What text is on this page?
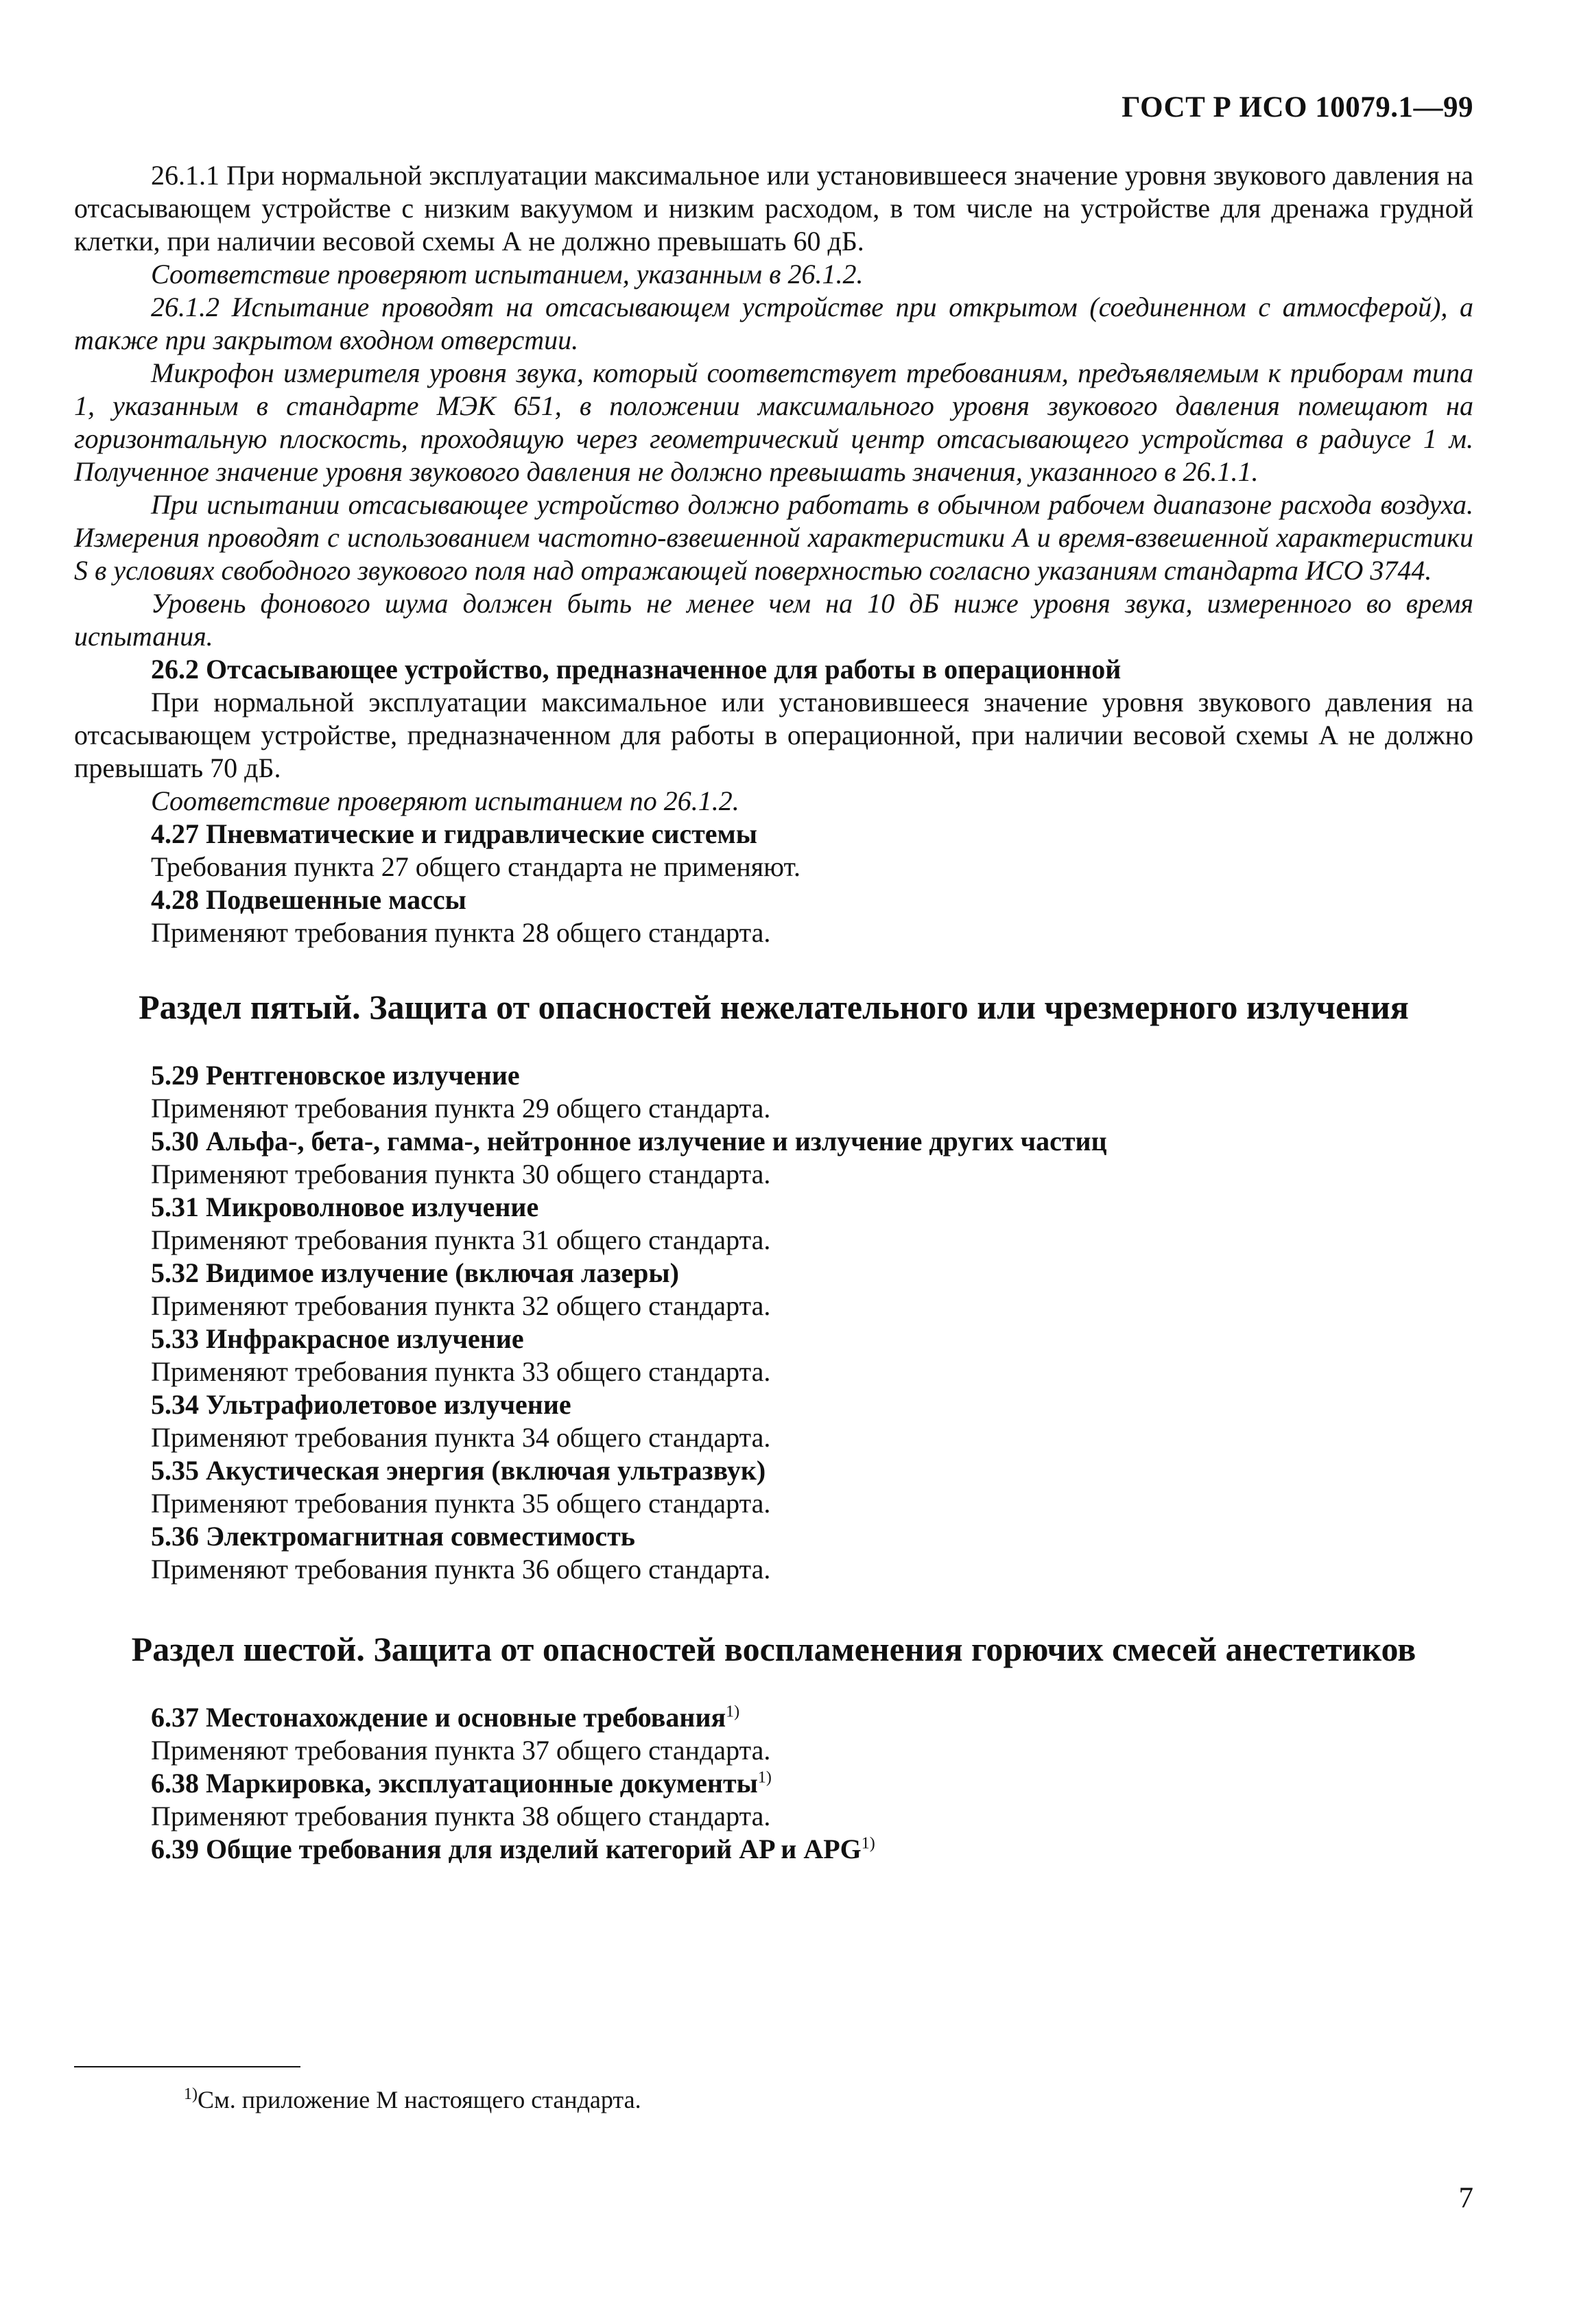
ГОСТ Р ИСО 10079.1—99

26.1.1 При нормальной эксплуатации максимальное или установившееся значение уровня звукового давления на отсасывающем устройстве с низким вакуумом и низким расходом, в том числе на устройстве для дренажа грудной клетки, при наличии весовой схемы А не должно превышать 60 дБ.

Соответствие проверяют испытанием, указанным в 26.1.2.

26.1.2 Испытание проводят на отсасывающем устройстве при открытом (соединенном с атмосферой), а также при закрытом входном отверстии.

Микрофон измерителя уровня звука, который соответствует требованиям, предъявляемым к приборам типа 1, указанным в стандарте МЭК 651, в положении максимального уровня звукового давления помещают на горизонтальную плоскость, проходящую через геометрический центр отсасывающего устройства в радиусе 1 м. Полученное значение уровня звукового давления не должно превышать значения, указанного в 26.1.1.

При испытании отсасывающее устройство должно работать в обычном рабочем диапазоне расхода воздуха. Измерения проводят с использованием частотно-взвешенной характеристики А и время-взвешенной характеристики S в условиях свободного звукового поля над отражающей поверхностью согласно указаниям стандарта ИСО 3744.

Уровень фонового шума должен быть не менее чем на 10 дБ ниже уровня звука, измеренного во время испытания.

26.2 Отсасывающее устройство, предназначенное для работы в операционной

При нормальной эксплуатации максимальное или установившееся значение уровня звукового давления на отсасывающем устройстве, предназначенном для работы в операционной, при наличии весовой схемы А не должно превышать 70 дБ.

Соответствие проверяют испытанием по 26.1.2.

4.27 Пневматические и гидравлические системы

Требования пункта 27 общего стандарта не применяют.

4.28 Подвешенные массы

Применяют требования пункта 28 общего стандарта.

Раздел пятый. Защита от опасностей нежелательного или чрезмерного излучения

5.29 Рентгеновское излучение

Применяют требования пункта 29 общего стандарта.

5.30 Альфа-, бета-, гамма-, нейтронное излучение и излучение других частиц

Применяют требования пункта 30 общего стандарта.

5.31 Микроволновое излучение

Применяют требования пункта 31 общего стандарта.

5.32 Видимое излучение (включая лазеры)

Применяют требования пункта 32 общего стандарта.

5.33 Инфракрасное излучение

Применяют требования пункта 33 общего стандарта.

5.34 Ультрафиолетовое излучение

Применяют требования пункта 34 общего стандарта.

5.35 Акустическая энергия (включая ультразвук)

Применяют требования пункта 35 общего стандарта.

5.36 Электромагнитная совместимость

Применяют требования пункта 36 общего стандарта.

Раздел шестой. Защита от опасностей воспламенения горючих смесей анестетиков

6.37 Местонахождение и основные требования$^{1)}$

Применяют требования пункта 37 общего стандарта.

6.38 Маркировка, эксплуатационные документы$^{1)}$

Применяют требования пункта 38 общего стандарта.

6.39 Общие требования для изделий категорий AP и APG$^{1)}$

$^{1)}$См. приложение М настоящего стандарта.
7
